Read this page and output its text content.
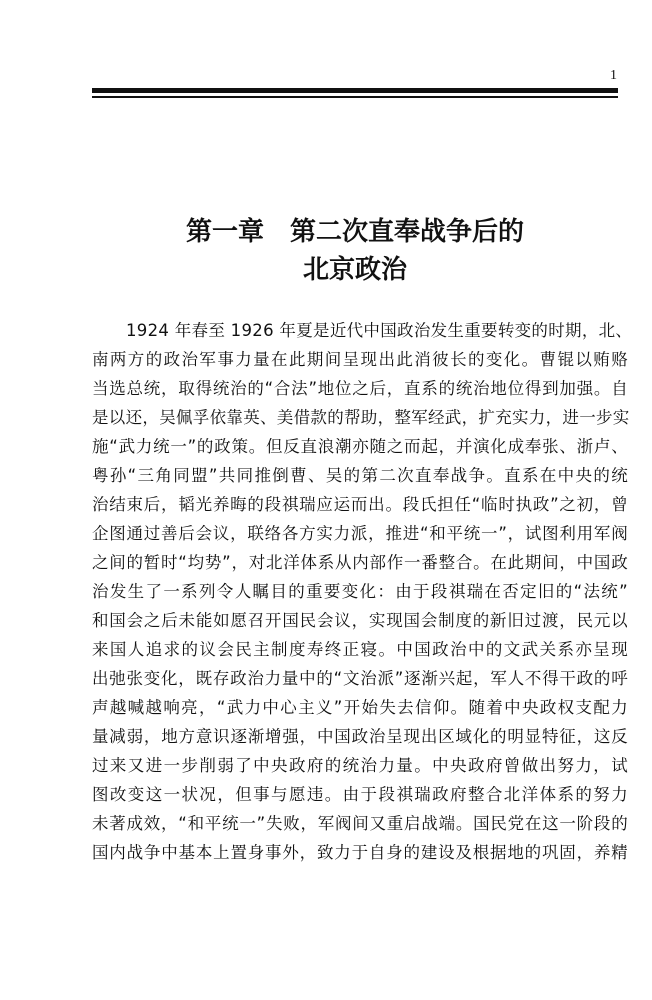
1
第一章 第二次直奉战争后的
北京政治
1924 年春至 1926 年夏是近代中国政治发生重要转变的时期，北、
南两方的政治军事力量在此期间呈现出此消彼长的变化。曹锟以贿赂
当选总统，取得统治的“合法”地位之后，直系的统治地位得到加强。自
是以还，吴佩孚依靠英、美借款的帮助，整军经武，扩充实力，进一步实
施“武力统一”的政策。但反直浪潮亦随之而起，并演化成奉张、浙卢、
粤孙“三角同盟”共同推倒曹、吴的第二次直奉战争。直系在中央的统
治结束后，韬光养晦的段祺瑞应运而出。段氏担任“临时执政”之初，曾
企图通过善后会议，联络各方实力派，推进“和平统一”，试图利用军阀
之间的暂时“均势”，对北洋体系从内部作一番整合。在此期间，中国政
治发生了一系列令人瞩目的重要变化：由于段祺瑞在否定旧的“法统”
和国会之后未能如愿召开国民会议，实现国会制度的新旧过渡，民元以
来国人追求的议会民主制度寿终正寝。中国政治中的文武关系亦呈现
出弛张变化，既存政治力量中的“文治派”逐渐兴起，军人不得干政的呼
声越喊越响亮，“武力中心主义”开始失去信仰。随着中央政权支配力
量减弱，地方意识逐渐增强，中国政治呈现出区域化的明显特征，这反
过来又进一步削弱了中央政府的统治力量。中央政府曾做出努力，试
图改变这一状况，但事与愿违。由于段祺瑞政府整合北洋体系的努力
未著成效，“和平统一”失败，军阀间又重启战端。国民党在这一阶段的
国内战争中基本上置身事外，致力于自身的建设及根据地的巩固，养精
